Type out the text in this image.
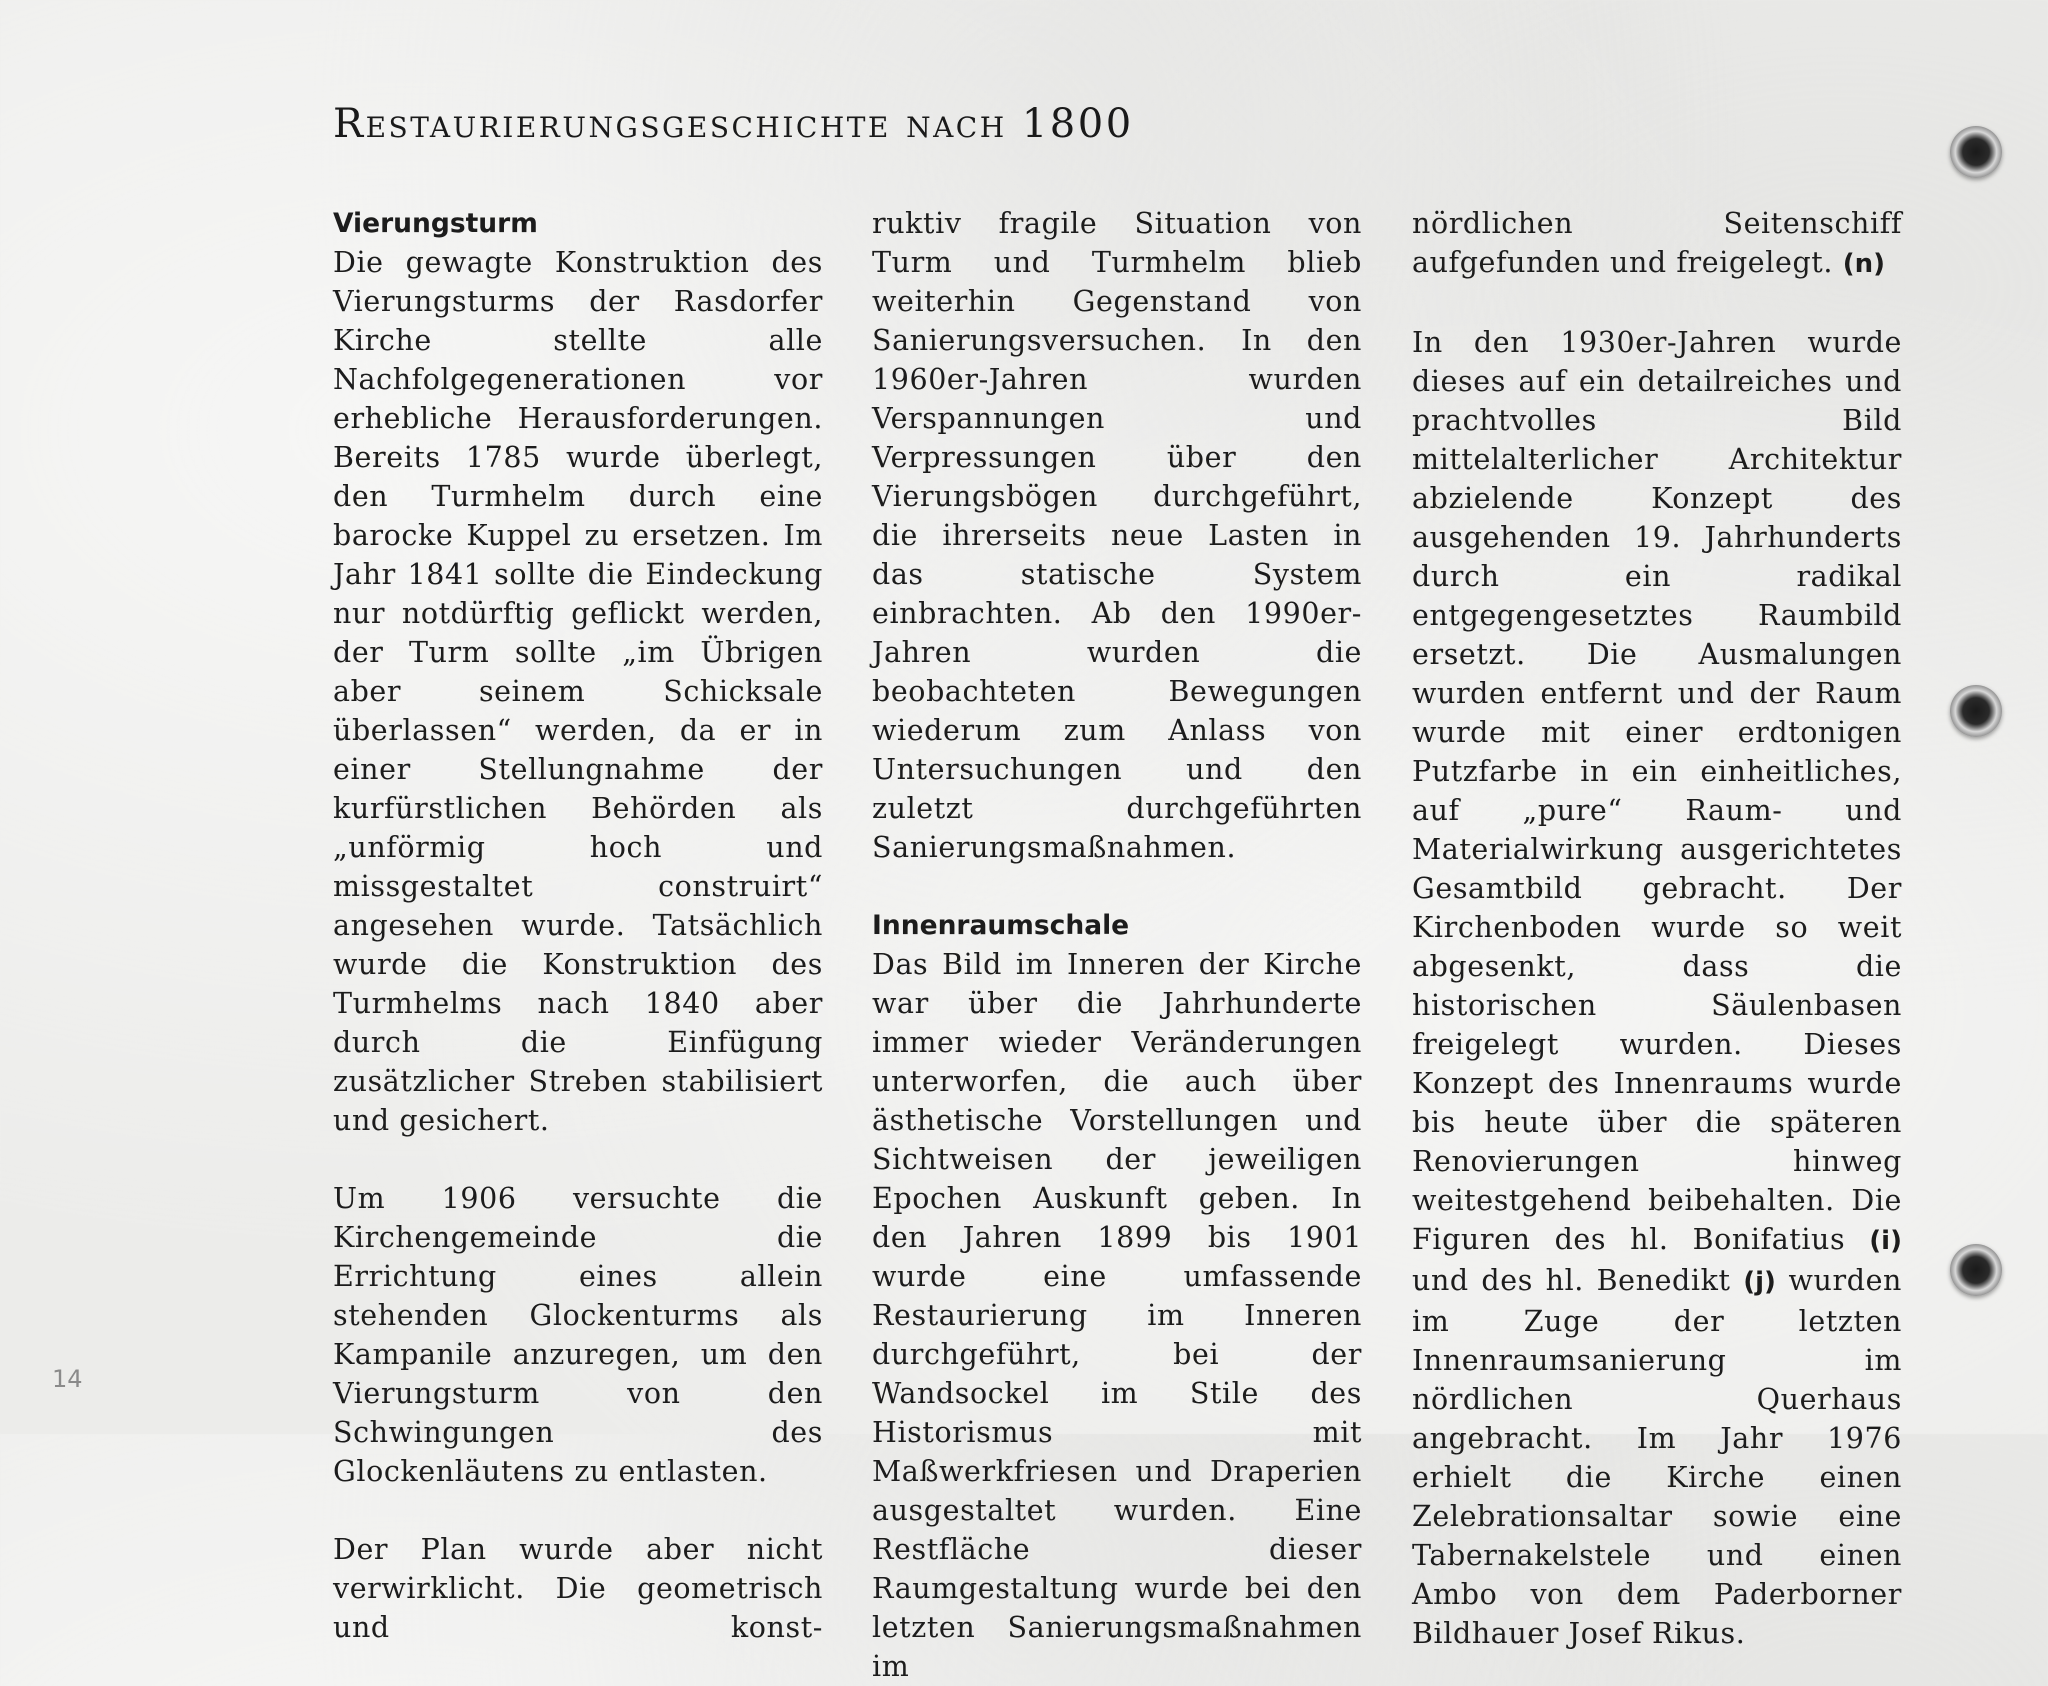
Restaurierungsgeschichte nach 1800
Vierungsturm

Die gewagte Konstruktion des Vierungsturms der Rasdorfer Kirche stellte alle Nachfolgegenerationen vor erhebliche Herausforderungen. Bereits 1785 wurde überlegt, den Turmhelm durch eine barocke Kuppel zu ersetzen. Im Jahr 1841 sollte die Eindeckung nur notdürftig geflickt werden, der Turm sollte „im Übrigen aber seinem Schicksale überlassen“ werden, da er in einer Stellungnahme der kurfürstlichen Behörden als „unförmig hoch und missgestaltet construirt“ angesehen wurde. Tatsächlich wurde die Konstruktion des Turmhelms nach 1840 aber durch die Einfügung zusätzlicher Streben stabilisiert und gesichert.

Um 1906 versuchte die Kirchengemeinde die Errichtung eines allein stehenden Glockenturms als Kampanile anzuregen, um den Vierungsturm von den Schwingungen des Glockenläutens zu entlasten.

Der Plan wurde aber nicht verwirklicht. Die geometrisch und konst-

ruktiv fragile Situation von Turm und Turmhelm blieb weiterhin Gegenstand von Sanierungsversuchen. In den 1960er-Jahren wurden Verspannungen und Verpressungen über den Vierungsbögen durchgeführt, die ihrerseits neue Lasten in das statische System einbrachten. Ab den 1990er-Jahren wurden die beobachteten Bewegungen wiederum zum Anlass von Untersuchungen und den zuletzt durchgeführten Sanierungsmaßnahmen.

Innenraumschale

Das Bild im Inneren der Kirche war über die Jahrhunderte immer wieder Veränderungen unterworfen, die auch über ästhetische Vorstellungen und Sichtweisen der jeweiligen Epochen Auskunft geben. In den Jahren 1899 bis 1901 wurde eine umfassende Restaurierung im Inneren durchgeführt, bei der Wandsockel im Stile des Historismus mit Maßwerkfriesen und Draperien ausgestaltet wurden. Eine Restfläche dieser Raumgestaltung wurde bei den letzten Sanierungsmaßnahmen im

nördlichen Seitenschiff aufgefunden und freigelegt. (n)

In den 1930er-Jahren wurde dieses auf ein detailreiches und prachtvolles Bild mittelalterlicher Architektur abzielende Konzept des ausgehenden 19. Jahrhunderts durch ein radikal entgegengesetztes Raumbild ersetzt. Die Ausmalungen wurden entfernt und der Raum wurde mit einer erdtonigen Putzfarbe in ein einheitliches, auf „pure“ Raum- und Materialwirkung ausgerichtetes Gesamtbild gebracht. Der Kirchenboden wurde so weit abgesenkt, dass die historischen Säulenbasen freigelegt wurden. Dieses Konzept des Innenraums wurde bis heute über die späteren Renovierungen hinweg weitestgehend beibehalten. Die Figuren des hl. Bonifatius (i) und des hl. Benedikt (j) wurden im Zuge der letzten Innenraumsanierung im nördlichen Querhaus angebracht. Im Jahr 1976 erhielt die Kirche einen Zelebrationsaltar sowie eine Tabernakelstele und einen Ambo von dem Paderborner Bildhauer Josef Rikus.

14
